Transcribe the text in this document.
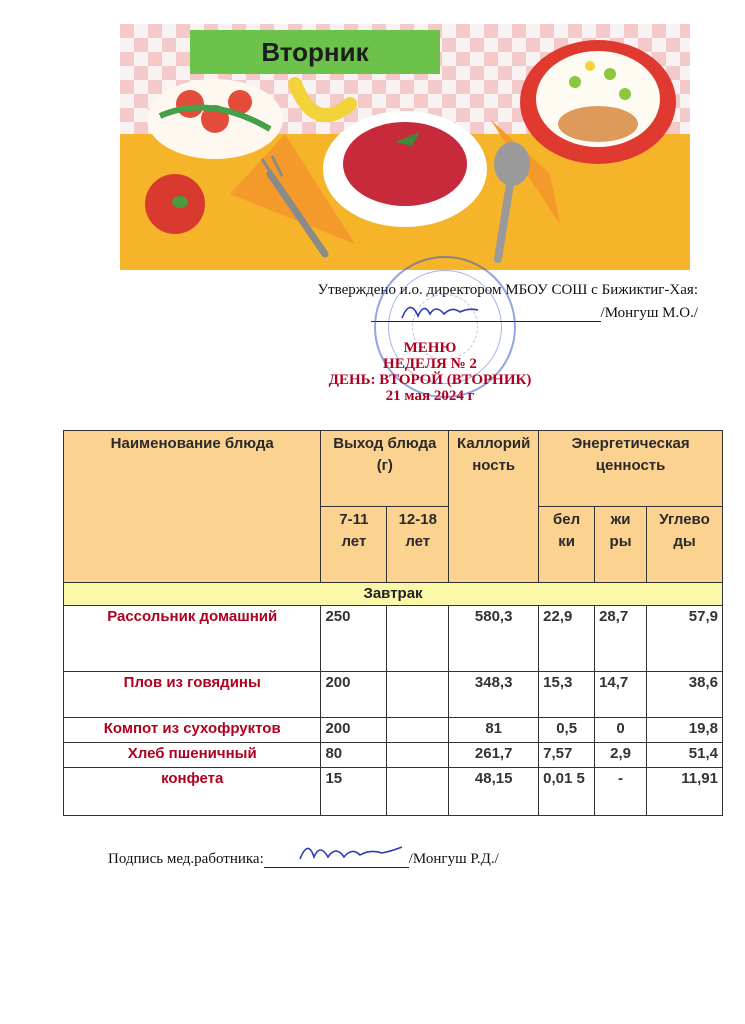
Вторник
Утверждено и.о. директором МБОУ СОШ с Бижиктиг-Хая:
/Монгуш М.О./
МЕНЮ
НЕДЕЛЯ № 2
ДЕНЬ: ВТОРОЙ (ВТОРНИК)
21 мая 2024 г
Наименование блюда	Выход блюда (г)		Каллорий ность	Энергетическая ценность		
	7-11 лет	12-18 лет		бел ки	жи ры	Углево ды
Завтрак						
Рассольник домашний	250		580,3	22,9	28,7	57,9
Плов из говядины	200		348,3	15,3	14,7	38,6
Компот из сухофруктов	200		81	0,5	0	19,8
Хлеб пшеничный	80		261,7	7,57	2,9	51,4
конфета	15		48,15	0,01 5	-	11,91
Подпись мед.работника:	/Монгуш Р.Д./
